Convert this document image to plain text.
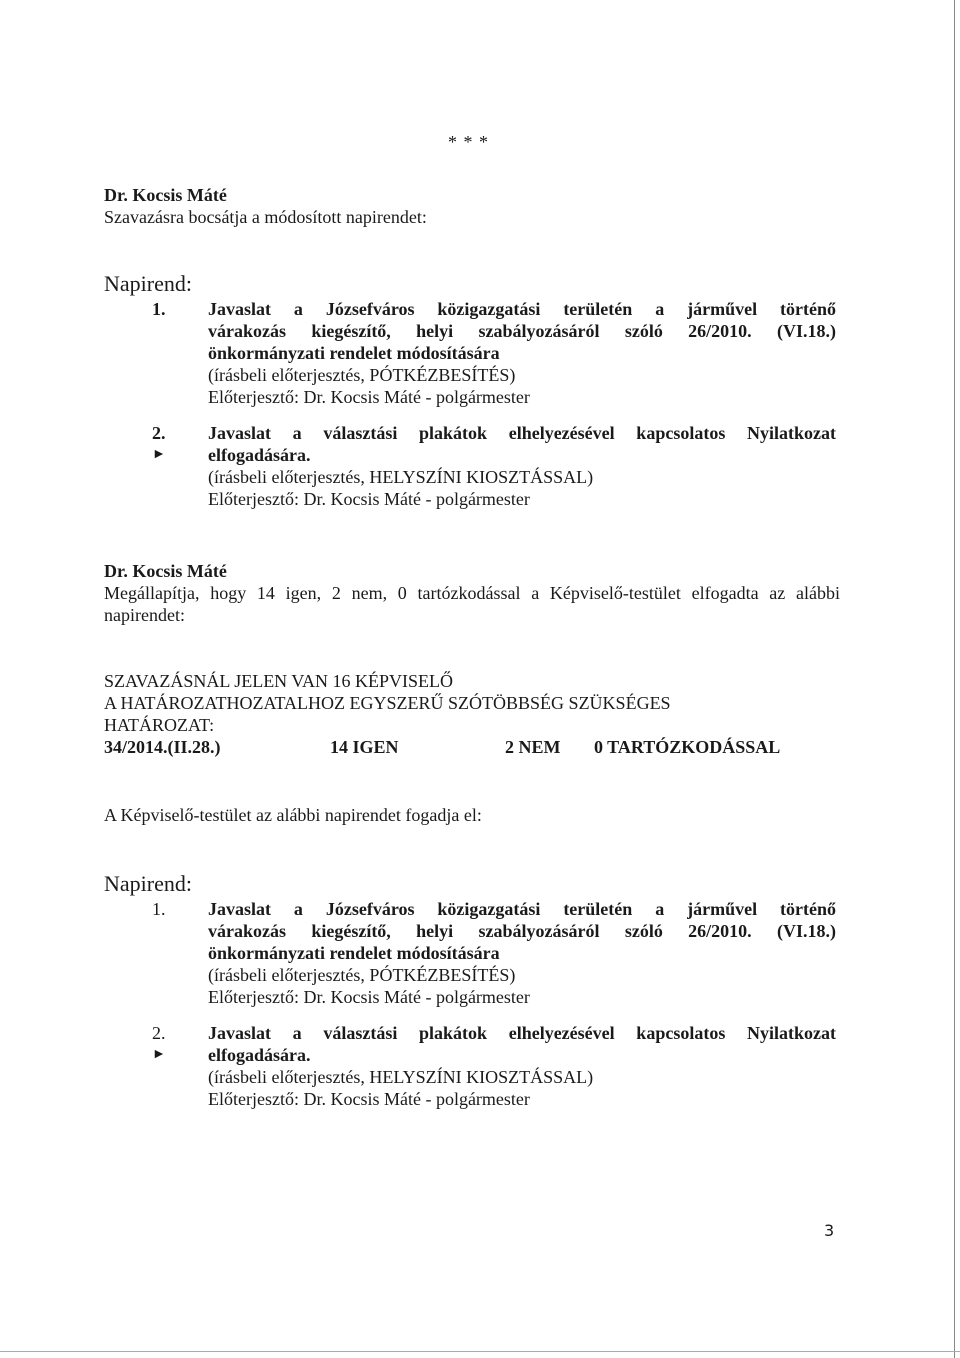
* * *
Dr. Kocsis Máté
Szavazásra bocsátja a módosított napirendet:
Napirend:
1. Javaslat a Józsefváros közigazgatási területén a járművel történő
várakozás kiegészítő, helyi szabályozásáról szóló 26/2010. (VI.18.)
önkormányzati rendelet módosítására
(írásbeli előterjesztés, PÓTKÉZBESÍTÉS)
Előterjesztő: Dr. Kocsis Máté - polgármester
2.
►
Javaslat a választási plakátok elhelyezésével kapcsolatos Nyilatkozat
elfogadására.
(írásbeli előterjesztés, HELYSZÍNI KIOSZTÁSSAL)
Előterjesztő: Dr. Kocsis Máté - polgármester
Dr. Kocsis Máté
Megállapítja, hogy 14 igen, 2 nem, 0 tartózkodással a Képviselő-testület elfogadta az alábbi
napirendet:
SZAVAZÁSNÁL JELEN VAN 16 KÉPVISELŐ
A HATÁROZATHOZATALHOZ EGYSZERŰ SZÓTÖBBSÉG SZÜKSÉGES
HATÁROZAT:
34/2014.(II.28.)	14 IGEN	2 NEM 0 TARTÓZKODÁSSAL
A Képviselő-testület az alábbi napirendet fogadja el:
Napirend:
1. Javaslat a Józsefváros közigazgatási területén a járművel történő
várakozás kiegészítő, helyi szabályozásáról szóló 26/2010. (VI.18.)
önkormányzati rendelet módosítására
(írásbeli előterjesztés, PÓTKÉZBESÍTÉS)
Előterjesztő: Dr. Kocsis Máté - polgármester
2.
►
Javaslat a választási plakátok elhelyezésével kapcsolatos Nyilatkozat
elfogadására.
(írásbeli előterjesztés, HELYSZÍNI KIOSZTÁSSAL)
Előterjesztő: Dr. Kocsis Máté - polgármester
3
